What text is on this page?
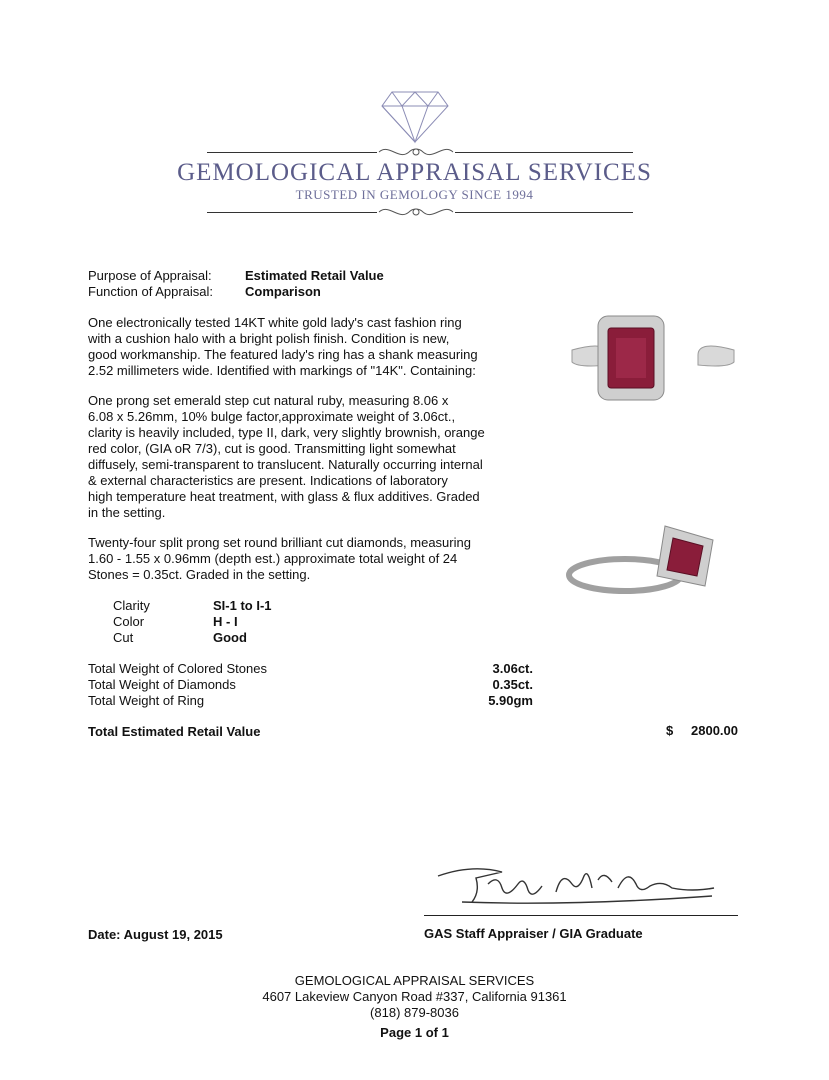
GEMOLOGICAL APPRAISAL SERVICES
TRUSTED IN GEMOLOGY SINCE 1994
Purpose of Appraisal:	Estimated Retail Value
Function of Appraisal: Comparison
One electronically tested 14KT white gold lady's cast fashion ring
with a cushion halo with a bright polish finish. Condition is new,
good workmanship. The featured lady's ring has a shank measuring
2.52 millimeters wide. Identified with markings of "14K". Containing:
One prong set emerald step cut natural ruby, measuring 8.06 x
6.08 x 5.26mm, 10% bulge factor,approximate weight of 3.06ct.,
clarity is heavily included, type II, dark, very slightly brownish, orange
red color, (GIA oR 7/3), cut is good. Transmitting light somewhat
diffusely, semi-transparent to translucent. Naturally occurring internal
& external characteristics are present. Indications of laboratory
high temperature heat treatment, with glass & flux additives. Graded
in the setting.
Twenty-four split prong set round brilliant cut diamonds, measuring
1.60 - 1.55 x 0.96mm (depth est.) approximate total weight of 24
Stones = 0.35ct. Graded in the setting.
Clarity	SI-1 to I-1
Color	H - I
Cut	Good
Total Weight of Colored Stones	3.06ct.
Total Weight of Diamonds	0.35ct.
Total Weight of Ring	5.90gm
Total Estimated Retail Value	$	2800.00
Date: August 19, 2015	GAS Staff Appraiser / GIA Graduate
GEMOLOGICAL APPRAISAL SERVICES
4607 Lakeview Canyon Road #337, California 91361
(818) 879-8036
Page 1 of 1
